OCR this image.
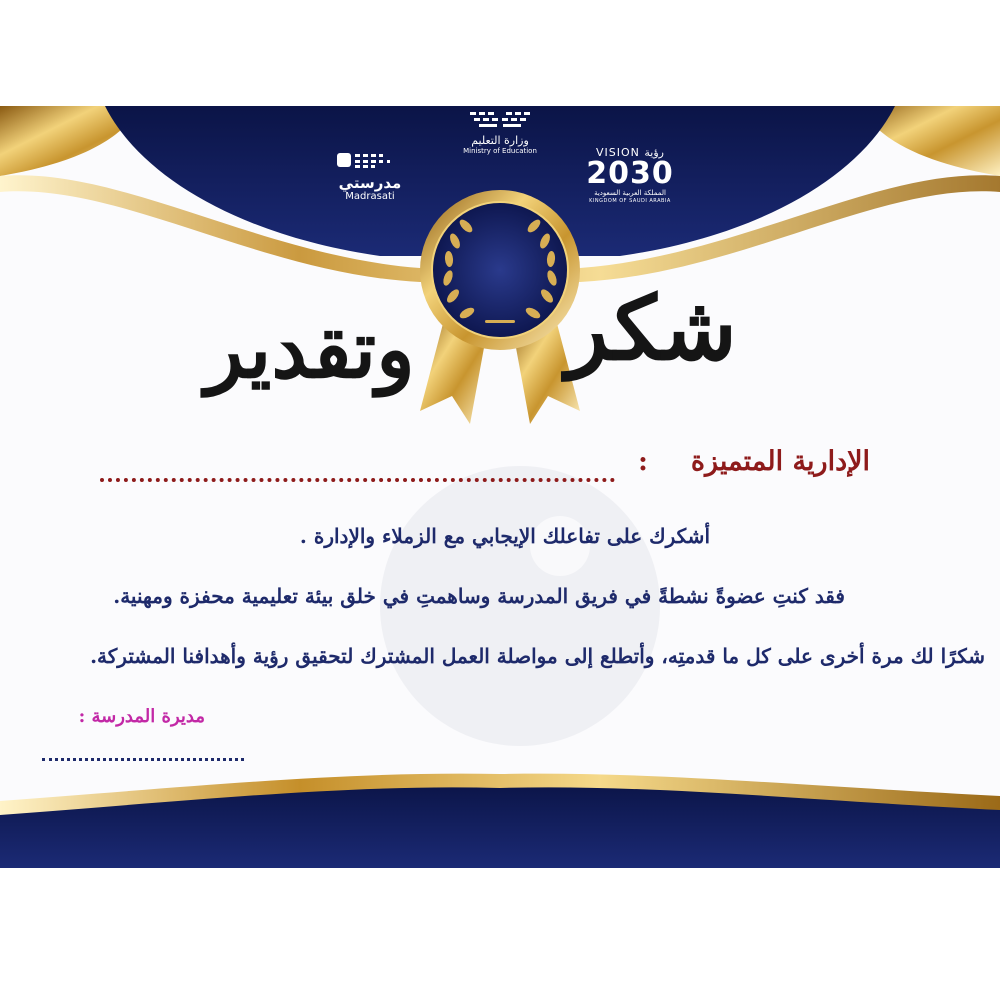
وزارة التعليم
Ministry of Education
مدرستي
Madrasati
VISION رؤية
2030
المملكة العربية السعودية
KINGDOM OF SAUDI ARABIA
شكر
وتقدير
الإدارية المتميزة
:
أشكرك على تفاعلك الإيجابي مع الزملاء والإدارة .
فقد كنتِ عضوةً نشطةً في فريق المدرسة وساهمتِ في خلق بيئة تعليمية محفزة ومهنية.
شكرًا لك مرة أخرى على كل ما قدمتِه، وأتطلع إلى مواصلة العمل المشترك لتحقيق رؤية وأهدافنا المشتركة.
مديرة المدرسة :
